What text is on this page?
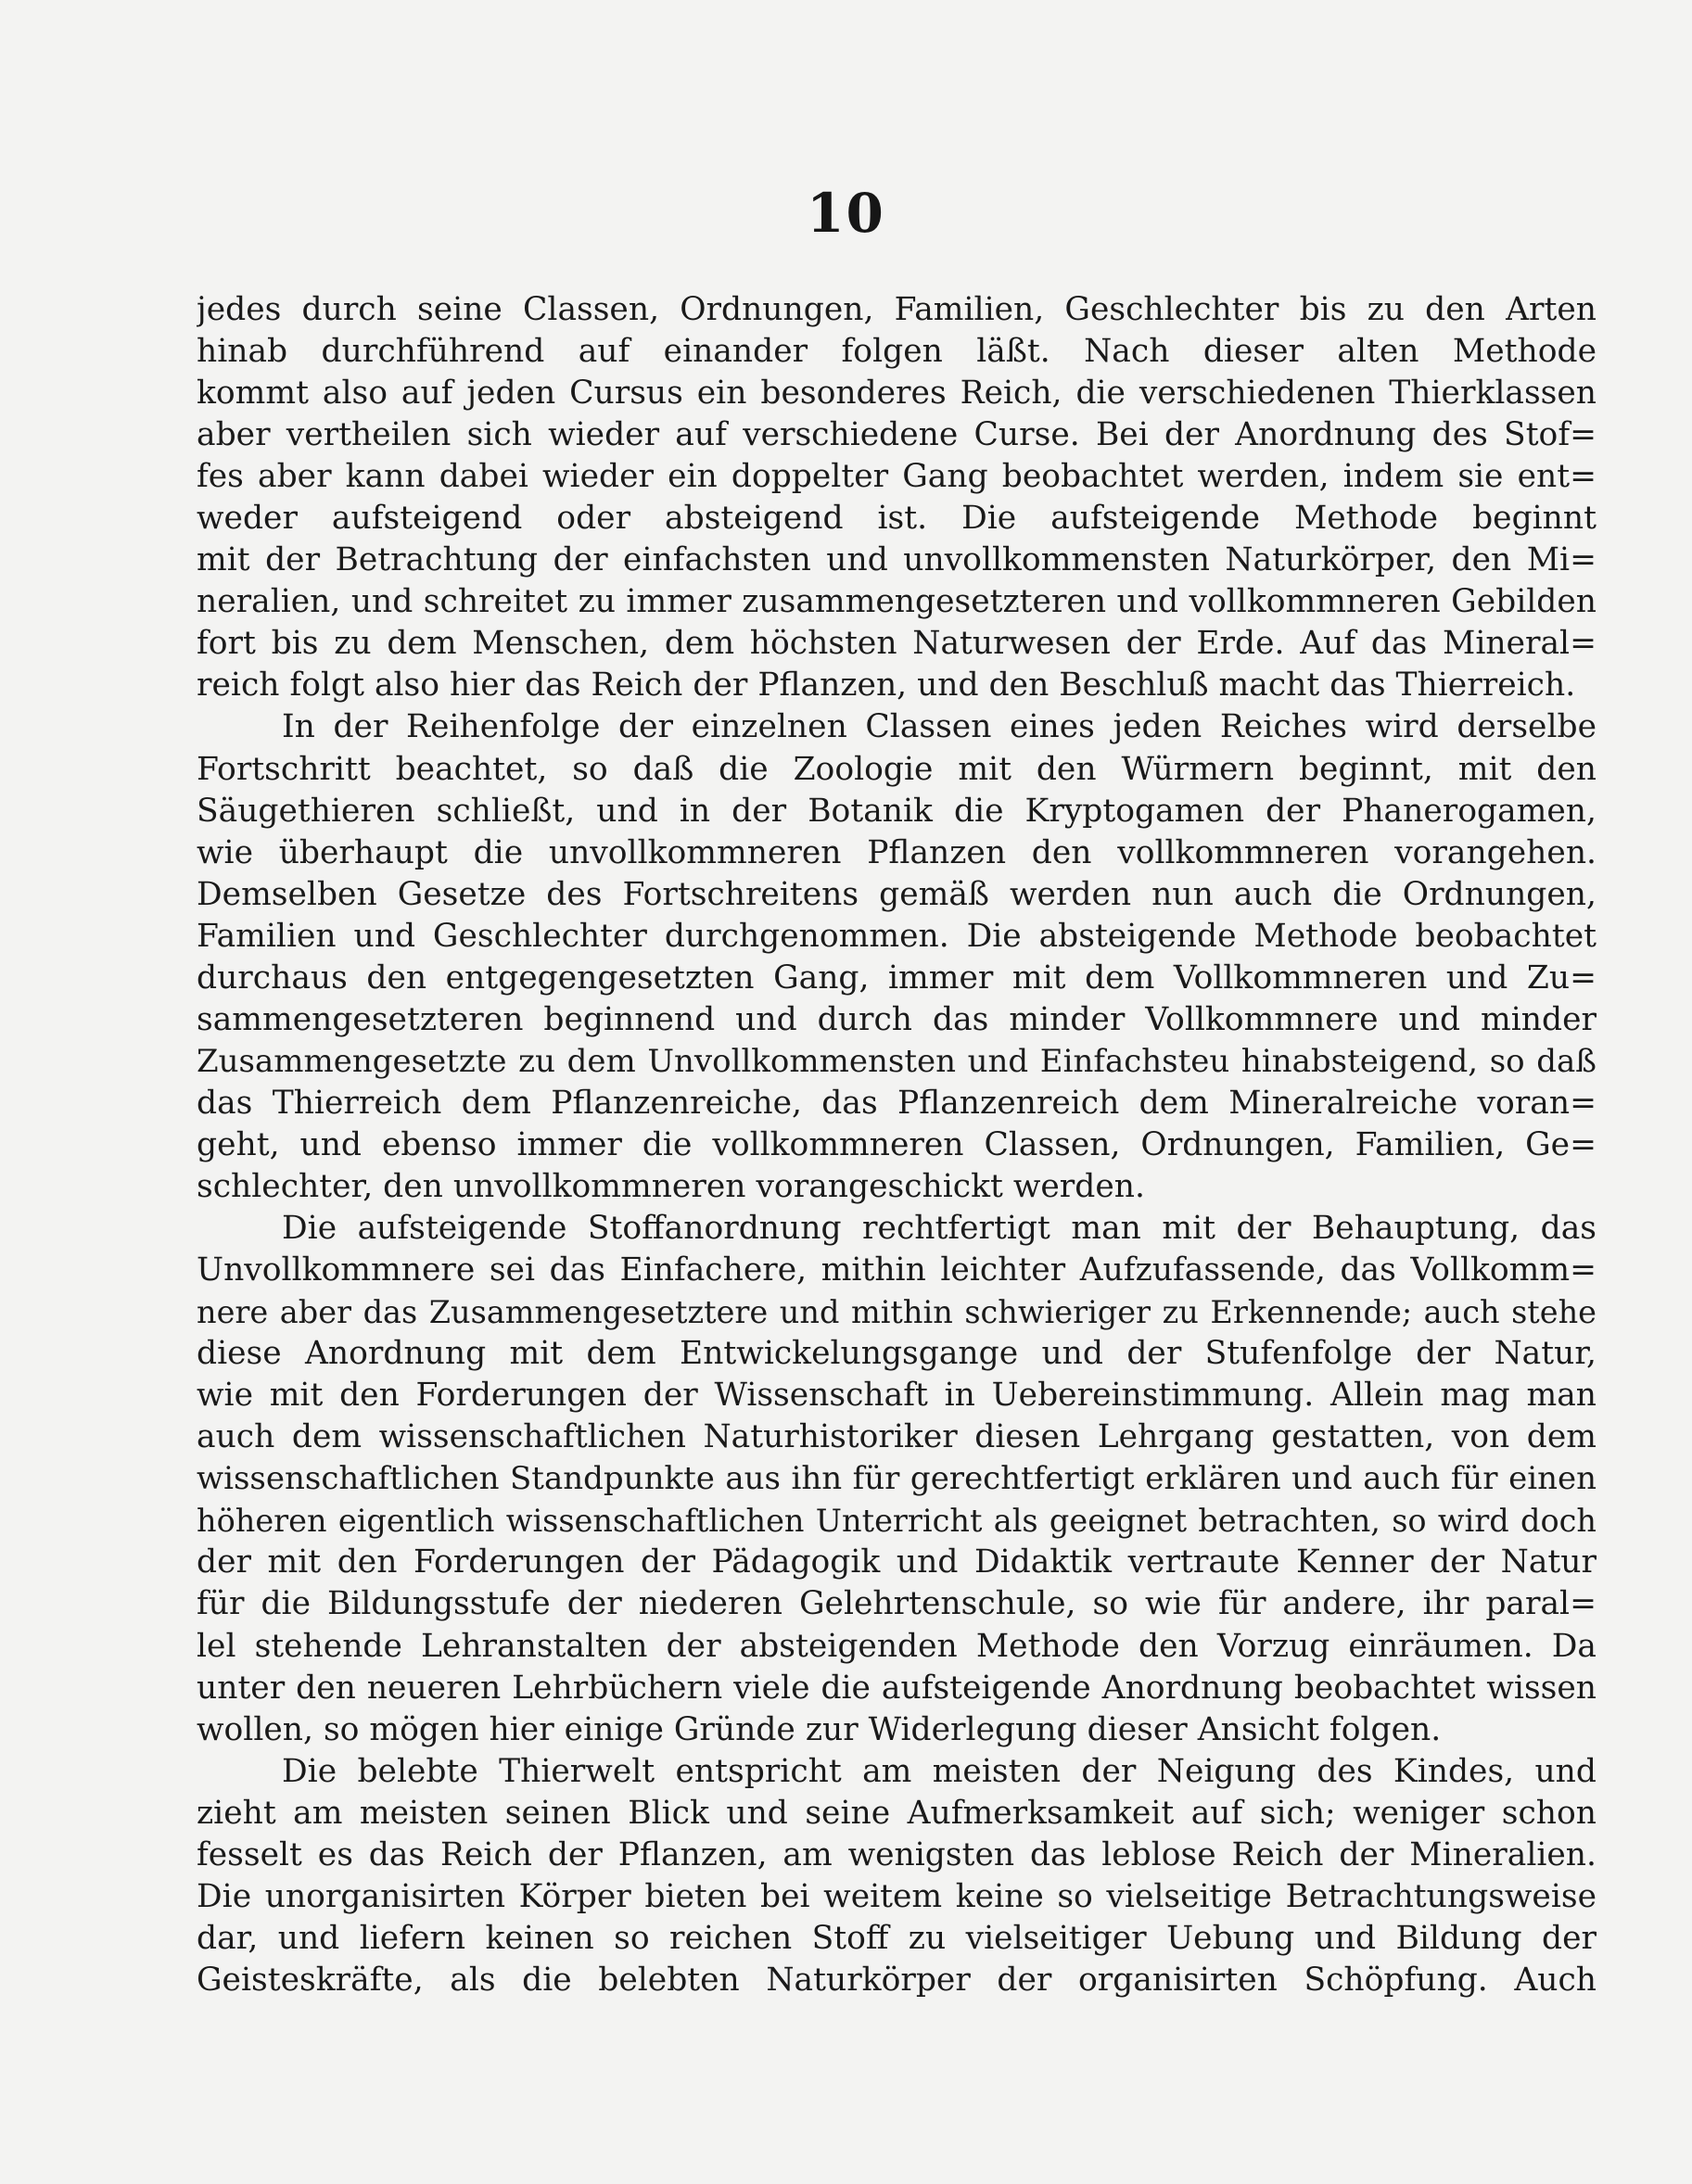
10
jedes durch seine Classen, Ordnungen, Familien, Geschlechter bis zu den Arten
hinab durchführend auf einander folgen läßt. Nach dieser alten Methode
kommt also auf jeden Cursus ein besonderes Reich, die verschiedenen Thierklassen
aber vertheilen sich wieder auf verschiedene Curse. Bei der Anordnung des Stof=
fes aber kann dabei wieder ein doppelter Gang beobachtet werden, indem sie ent=
weder aufsteigend oder absteigend ist. Die aufsteigende Methode beginnt
mit der Betrachtung der einfachsten und unvollkommensten Naturkörper, den Mi=
neralien, und schreitet zu immer zusammengesetzteren und vollkommneren Gebilden
fort bis zu dem Menschen, dem höchsten Naturwesen der Erde. Auf das Mineral=
reich folgt also hier das Reich der Pflanzen, und den Beschluß macht das Thierreich.
In der Reihenfolge der einzelnen Classen eines jeden Reiches wird derselbe
Fortschritt beachtet, so daß die Zoologie mit den Würmern beginnt, mit den
Säugethieren schließt, und in der Botanik die Kryptogamen der Phanerogamen,
wie überhaupt die unvollkommneren Pflanzen den vollkommneren vorangehen.
Demselben Gesetze des Fortschreitens gemäß werden nun auch die Ordnungen,
Familien und Geschlechter durchgenommen. Die absteigende Methode beobachtet
durchaus den entgegengesetzten Gang, immer mit dem Vollkommneren und Zu=
sammengesetzteren beginnend und durch das minder Vollkommnere und minder
Zusammengesetzte zu dem Unvollkommensten und Einfachsteu hinabsteigend, so daß
das Thierreich dem Pflanzenreiche, das Pflanzenreich dem Mineralreiche voran=
geht, und ebenso immer die vollkommneren Classen, Ordnungen, Familien, Ge=
schlechter, den unvollkommneren vorangeschickt werden.
Die aufsteigende Stoffanordnung rechtfertigt man mit der Behauptung, das
Unvollkommnere sei das Einfachere, mithin leichter Aufzufassende, das Vollkomm=
nere aber das Zusammengesetztere und mithin schwieriger zu Erkennende; auch stehe
diese Anordnung mit dem Entwickelungsgange und der Stufenfolge der Natur,
wie mit den Forderungen der Wissenschaft in Uebereinstimmung. Allein mag man
auch dem wissenschaftlichen Naturhistoriker diesen Lehrgang gestatten, von dem
wissenschaftlichen Standpunkte aus ihn für gerechtfertigt erklären und auch für einen
höheren eigentlich wissenschaftlichen Unterricht als geeignet betrachten, so wird doch
der mit den Forderungen der Pädagogik und Didaktik vertraute Kenner der Natur
für die Bildungsstufe der niederen Gelehrtenschule, so wie für andere, ihr paral=
lel stehende Lehranstalten der absteigenden Methode den Vorzug einräumen. Da
unter den neueren Lehrbüchern viele die aufsteigende Anordnung beobachtet wissen
wollen, so mögen hier einige Gründe zur Widerlegung dieser Ansicht folgen.
Die belebte Thierwelt entspricht am meisten der Neigung des Kindes, und
zieht am meisten seinen Blick und seine Aufmerksamkeit auf sich; weniger schon
fesselt es das Reich der Pflanzen, am wenigsten das leblose Reich der Mineralien.
Die unorganisirten Körper bieten bei weitem keine so vielseitige Betrachtungsweise
dar, und liefern keinen so reichen Stoff zu vielseitiger Uebung und Bildung der
Geisteskräfte, als die belebten Naturkörper der organisirten Schöpfung. Auch
